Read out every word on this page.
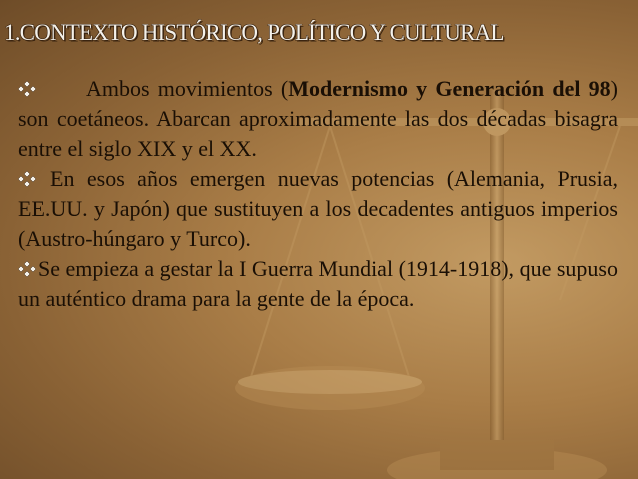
1.CONTEXTO HISTÓRICO, POLÍTICO Y CULTURAL

Ambos movimientos (Modernismo y Generación del 98) son coetáneos. Abarcan aproximadamente las dos décadas bisagra entre el siglo XIX y el XX.

En esos años emergen nuevas potencias (Alemania, Prusia, EE.UU. y Japón) que sustituyen a los decadentes antiguos imperios (Austro-húngaro y Turco).

Se empieza a gestar la I Guerra Mundial (1914-1918), que supuso un auténtico drama para la gente de la época.
